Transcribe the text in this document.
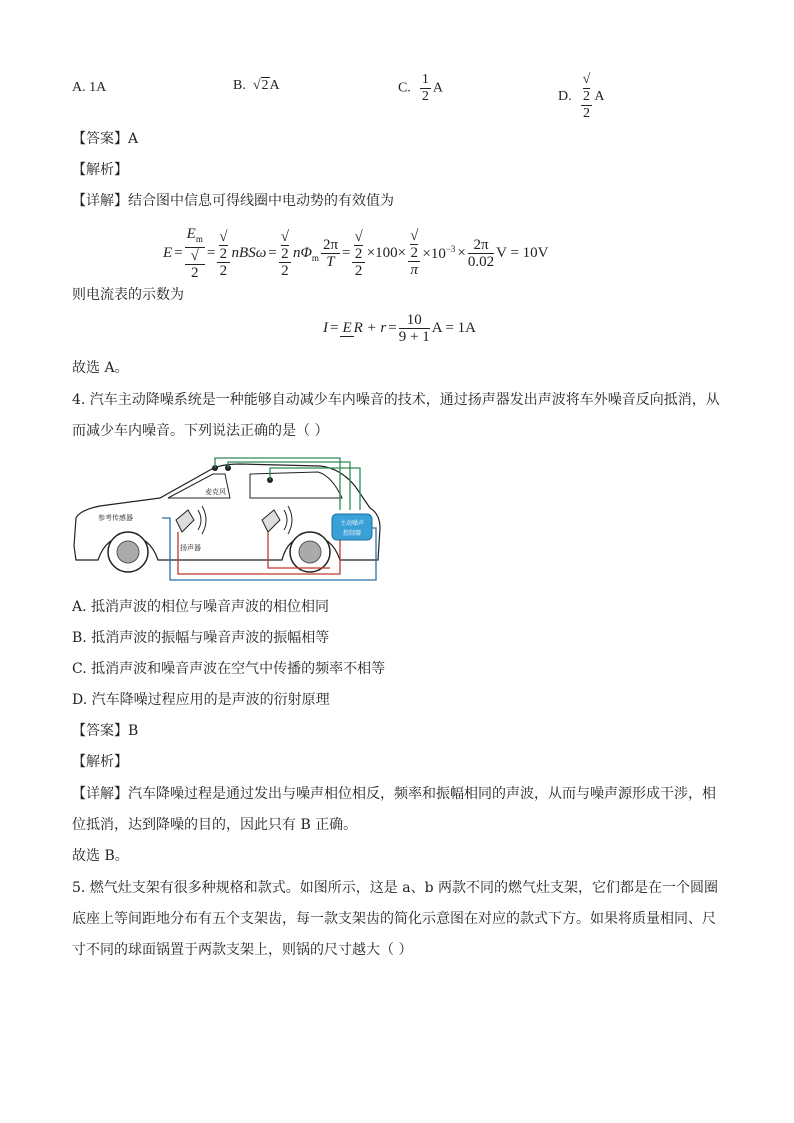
A. 1A	B. √2A	C. $\frac{1}{2}$ A
D. √
2
2 A
【答案】A
【解析】
【详解】结合图中信息可得线圈中电动势的有效值为
$E = E_m$
√
2 = √
2
2 nBSω = √
2
2 $n\Phi_m \frac{2\pi}{T}$ = √
2
2 ×100× √
2
$\pi \times 10^{-3} \times \frac{2\pi}{0.02}$ V = 10V
则电流表的示数为
I = E $R + r = \frac{10}{9 + 1}$ A = 1A
故选 A。
4. 汽车主动降噪系统是一种能够自动减少车内噪音的技术，通过扬声器发出声波将车外噪音反向抵消，从
而减少车内噪音。下列说法正确的是（ ）
主动噪声
控制器
麦克风
参考传感器
扬声器
A. 抵消声波的相位与噪音声波的相位相同
B. 抵消声波的振幅与噪音声波的振幅相等
C. 抵消声波和噪音声波在空气中传播的频率不相等
D. 汽车降噪过程应用的是声波的衍射原理
【答案】B
【解析】
【详解】汽车降噪过程是通过发出与噪声相位相反，频率和振幅相同的声波，从而与噪声源形成干涉，相
位抵消，达到降噪的目的，因此只有 B 正确。
故选 B。
5. 燃气灶支架有很多种规格和款式。如图所示，这是 a、b 两款不同的燃气灶支架，它们都是在一个圆圈
底座上等间距地分布有五个支架齿，每一款支架齿的简化示意图在对应的款式下方。如果将质量相同、尺
寸不同的球面锅置于两款支架上，则锅的尺寸越大（ ）
